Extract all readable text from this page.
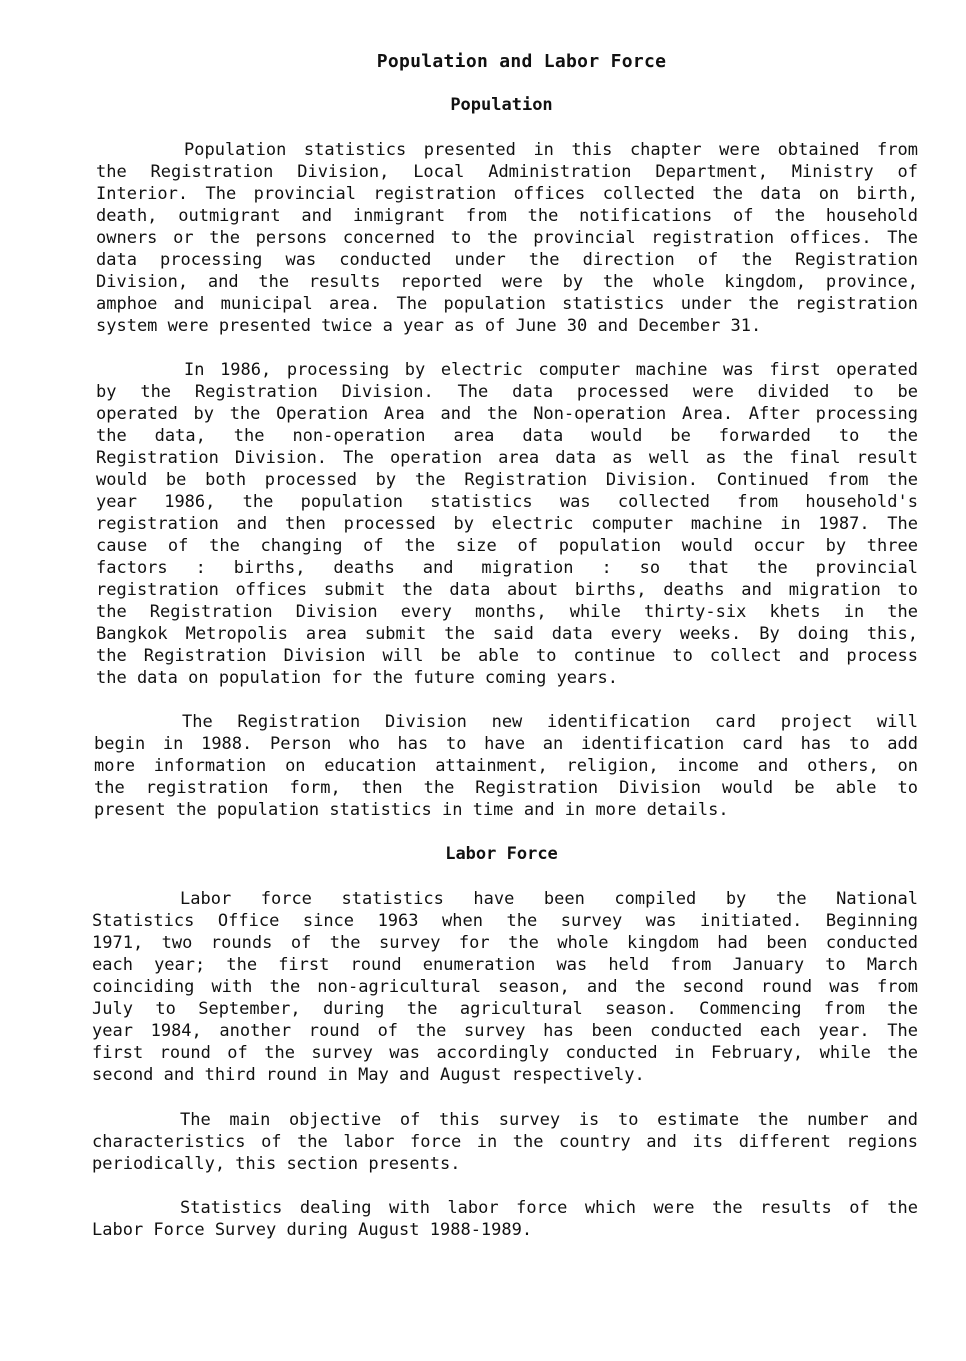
Population and Labor Force
Population
Population statistics presented in this chapter were obtained from
the Registration Division, Local Administration Department, Ministry of
Interior. The provincial registration offices collected the data on birth,
death, outmigrant and inmigrant from the notifications of the household
owners or the persons concerned to the provincial registration offices. The
data processing was conducted under the direction of the Registration
Division, and the results reported were by the whole kingdom, province,
amphoe and municipal area. The population statistics under the registration
system were presented twice a year as of June 30 and December 31.
In 1986, processing by electric computer machine was first operated
by the Registration Division. The data processed were divided to be
operated by the Operation Area and the Non-operation Area. After processing
the data, the non-operation area data would be forwarded to the
Registration Division. The operation area data as well as the final result
would be both processed by the Registration Division. Continued from the
year 1986, the population statistics was collected from household's
registration and then processed by electric computer machine in 1987. The
cause of the changing of the size of population would occur by three
factors : births, deaths and migration : so that the provincial
registration offices submit the data about births, deaths and migration to
the Registration Division every months, while thirty-six khets in the
Bangkok Metropolis area submit the said data every weeks. By doing this,
the Registration Division will be able to continue to collect and process
the data on population for the future coming years.
The Registration Division new identification card project will
begin in 1988. Person who has to have an identification card has to add
more information on education attainment, religion, income and others, on
the registration form, then the Registration Division would be able to
present the population statistics in time and in more details.
Labor Force
Labor force statistics have been compiled by the National
Statistics Office since 1963 when the survey was initiated. Beginning
1971, two rounds of the survey for the whole kingdom had been conducted
each year; the first round enumeration was held from January to March
coinciding with the non-agricultural season, and the second round was from
July to September, during the agricultural season. Commencing from the
year 1984, another round of the survey has been conducted each year. The
first round of the survey was accordingly conducted in February, while the
second and third round in May and August respectively.
The main objective of this survey is to estimate the number and
characteristics of the labor force in the country and its different regions
periodically, this section presents.
Statistics dealing with labor force which were the results of the
Labor Force Survey during August 1988-1989.
